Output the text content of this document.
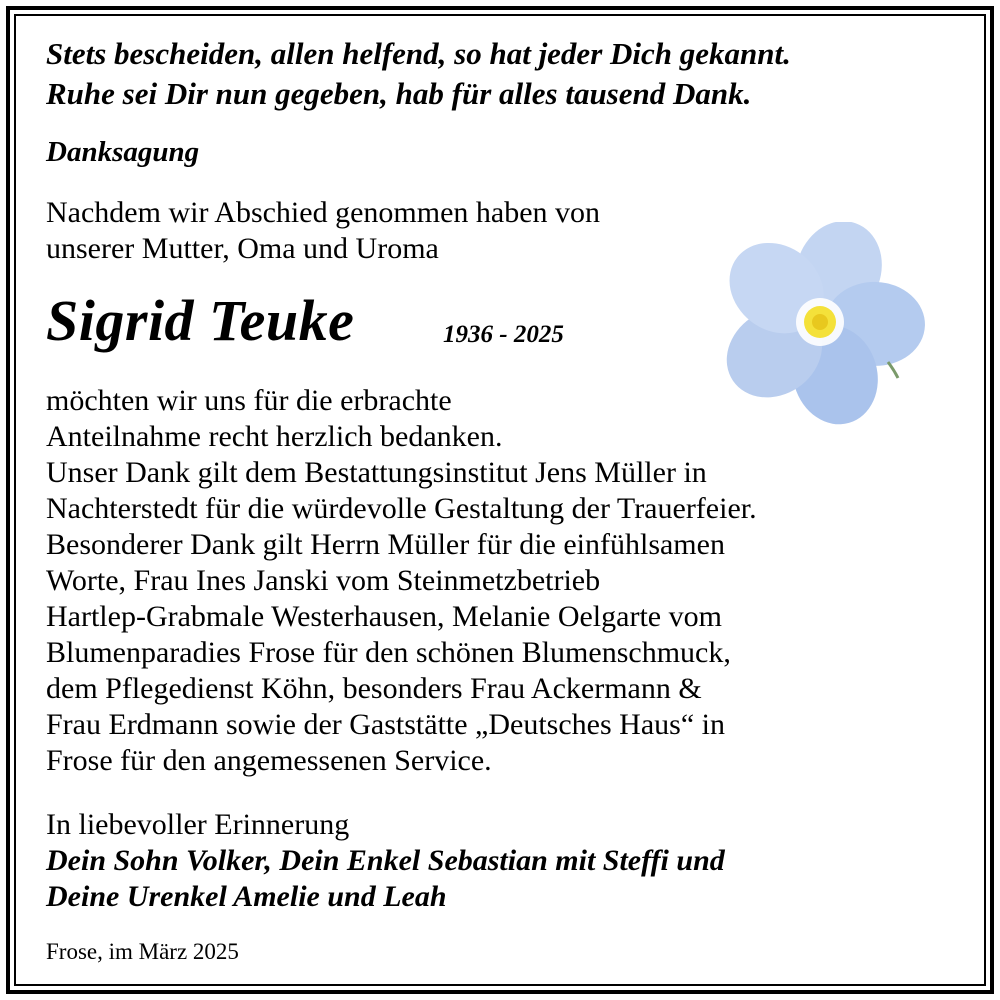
Stets bescheiden, allen helfend, so hat jeder Dich gekannt.
Ruhe sei Dir nun gegeben, hab für alles tausend Dank.
Danksagung
Nachdem wir Abschied genommen haben von
unserer Mutter, Oma und Uroma
Sigrid Teuke	1936 - 2025
möchten wir uns für die erbrachte
Anteilnahme recht herzlich bedanken.
Unser Dank gilt dem Bestattungsinstitut Jens Müller in
Nachterstedt für die würdevolle Gestaltung der Trauerfeier.
Besonderer Dank gilt Herrn Müller für die einfühlsamen
Worte, Frau Ines Janski vom Steinmetzbetrieb
Hartlep-Grabmale Westerhausen, Melanie Oelgarte vom
Blumenparadies Frose für den schönen Blumenschmuck,
dem Pflegedienst Köhn, besonders Frau Ackermann &
Frau Erdmann sowie der Gaststätte „Deutsches Haus“ in
Frose für den angemessenen Service.
In liebevoller Erinnerung
Dein Sohn Volker, Dein Enkel Sebastian mit Steffi und
Deine Urenkel Amelie und Leah
Frose, im März 2025
